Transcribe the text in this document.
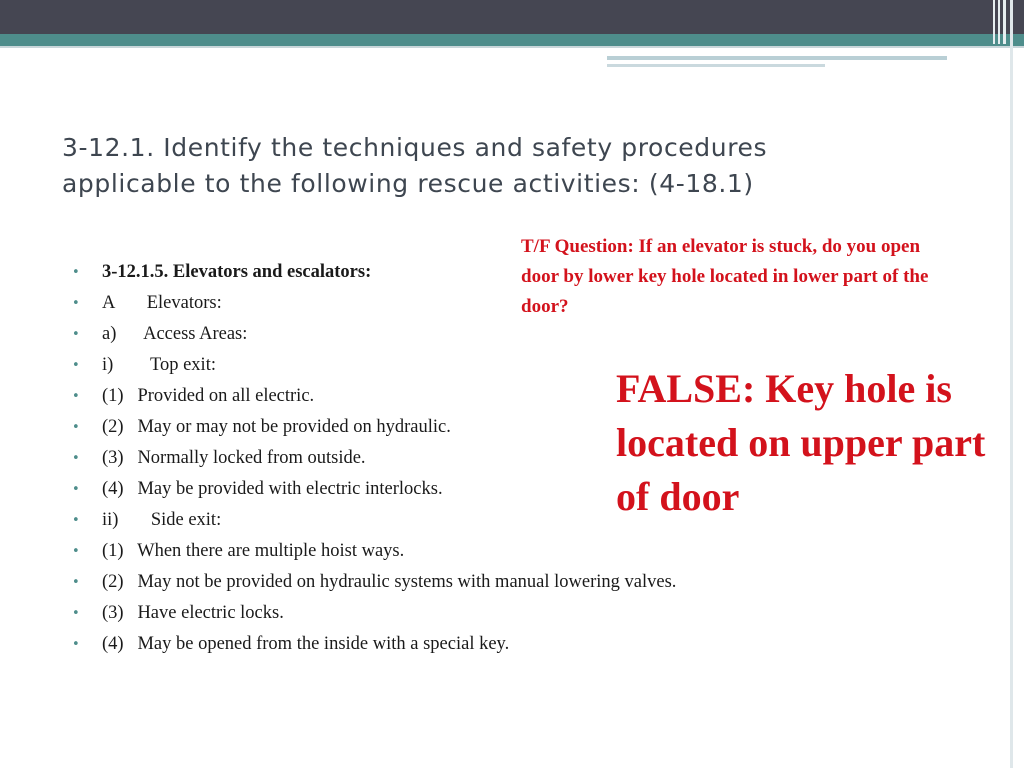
3-12.1. Identify the techniques and safety procedures applicable to the following rescue activities: (4-18.1)
•	3-12.1.5. Elevators and escalators:
•	A       Elevators:
•	a)      Access Areas:
•	i)        Top exit:
•	(1)   Provided on all electric.
•	(2)   May or may not be provided on hydraulic.
•	(3)   Normally locked from outside.
•	(4)   May be provided with electric interlocks.
•	ii)       Side exit:
•	(1)   When there are multiple hoist ways.
•	(2)   May not be provided on hydraulic systems with manual lowering valves.
•	(3)   Have electric locks.
•	(4)   May be opened from the inside with a special key.

T/F Question: If an elevator is stuck, do you open door by lower key hole located in lower part of the door?

FALSE: Key hole is located on upper part of door
